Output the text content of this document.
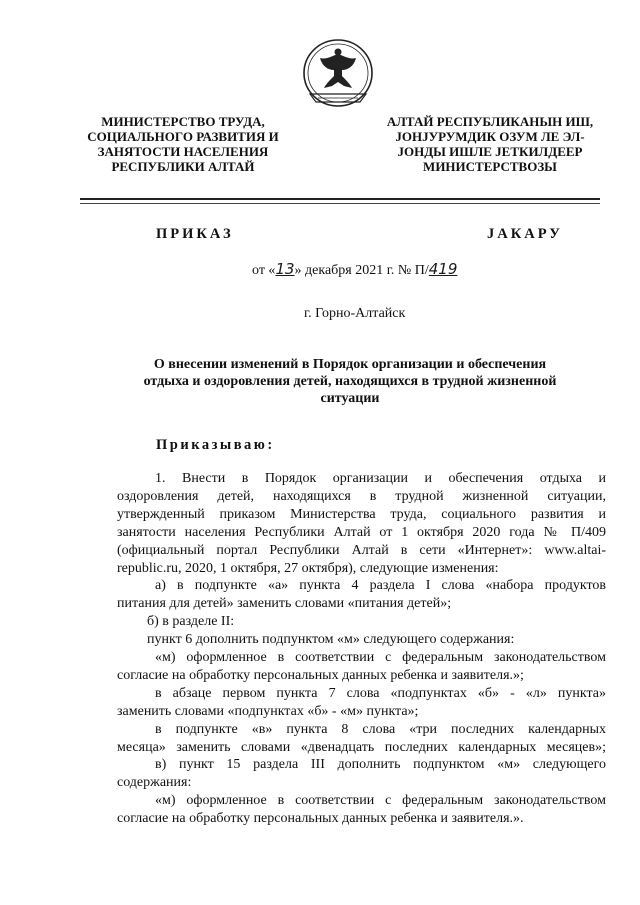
МИНИСТЕРСТВО ТРУДА,
СОЦИАЛЬНОГО РАЗВИТИЯ И
ЗАНЯТОСТИ НАСЕЛЕНИЯ
РЕСПУБЛИКИ АЛТАЙ
АЛТАЙ РЕСПУБЛИКАНЫН ИШ,
ЈОНЈУРУМДИК ОЗУМ ЛЕ ЭЛ-
ЈОНДЫ ИШЛЕ ЈЕТКИЛДЕЕР
МИНИСТЕРСТВОЗЫ
ПРИКАЗ	ЈАКАРУ
от «13» декабря 2021 г. № П/419
г. Горно-Алтайск
О внесении изменений в Порядок организации и обеспечения
отдыха и оздоровления детей, находящихся в трудной жизненной
ситуации
Приказываю:
1. Внести в Порядок организации и обеспечения отдыха и
оздоровления детей, находящихся в трудной жизненной ситуации,
утвержденный приказом Министерства труда, социального развития и
занятости населения Республики Алтай от 1 октября 2020 года № П/409
(официальный портал Республики Алтай в сети «Интернет»: www.altai-
republic.ru, 2020, 1 октября, 27 октября), следующие изменения:
а) в подпункте «а» пункта 4 раздела I слова «набора продуктов
питания для детей» заменить словами «питания детей»;
б) в разделе II:
пункт 6 дополнить подпунктом «м» следующего содержания:
«м) оформленное в соответствии с федеральным законодательством
согласие на обработку персональных данных ребенка и заявителя.»;
в абзаце первом пункта 7 слова «подпунктах «б» - «л» пункта»
заменить словами «подпунктах «б» - «м» пункта»;
в подпункте «в» пункта 8 слова «три последних календарных
месяца» заменить словами «двенадцать последних календарных месяцев»;
в) пункт 15 раздела III дополнить подпунктом «м» следующего
содержания:
«м) оформленное в соответствии с федеральным законодательством
согласие на обработку персональных данных ребенка и заявителя.».
